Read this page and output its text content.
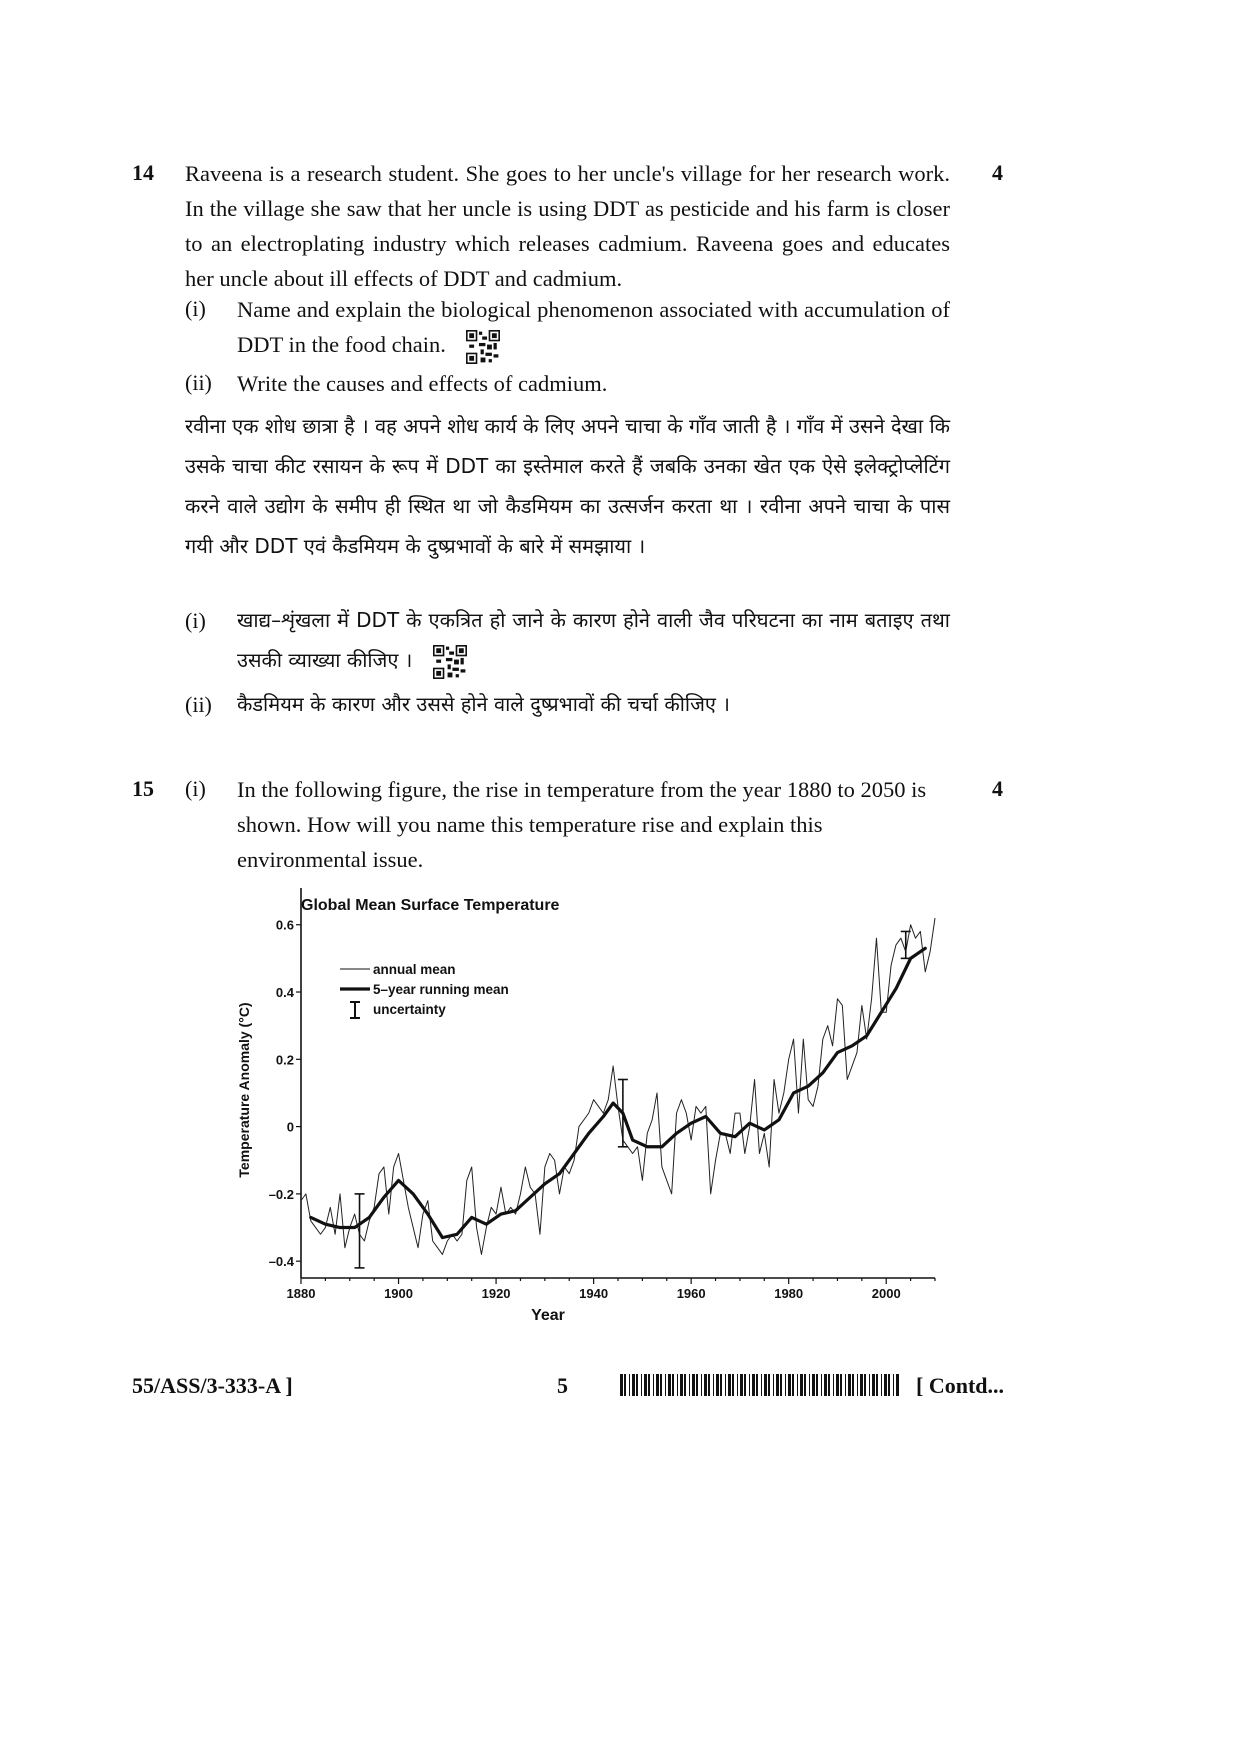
14	4
Raveena is a research student. She goes to her uncle's village for her research work. In the village she saw that her uncle is using DDT as pesticide and his farm is closer to an electroplating industry which releases cadmium. Raveena goes and educates her uncle about ill effects of DDT and cadmium.
(i) Name and explain the biological phenomenon associated with accumulation of DDT in the food chain.
(ii) Write the causes and effects of cadmium.
रवीना एक शोध छात्रा है । वह अपने शोध कार्य के लिए अपने चाचा के गाँव जाती है । गाँव में उसने देखा कि उसके चाचा कीट रसायन के रूप में DDT का इस्तेमाल करते हैं जबकि उनका खेत एक ऐसे इलेक्ट्रोप्लेटिंग करने वाले उद्योग के समीप ही स्थित था जो कैडमियम का उत्सर्जन करता था । रवीना अपने चाचा के पास गयी और DDT एवं कैडमियम के दुष्प्रभावों के बारे में समझाया ।
(i) खाद्य–शृंखला में DDT के एकत्रित हो जाने के कारण होने वाली जैव परिघटना का नाम बताइए तथा उसकी व्याख्या कीजिए ।
(ii) कैडमियम के कारण और उससे होने वाले दुष्प्रभावों की चर्चा कीजिए ।
15 (i) In the following figure, the rise in temperature from the year 1880 to 2050 is shown. How will you name this temperature rise and explain this environmental issue.
4
Global Mean Surface Temperature
Temperature Anomaly (°C)
Year
annual mean
5–year running mean
uncertainty
0.6
0.4
0.2
0
–0.2
–0.4
1880	1900	1920	1940	1960	1980	2000
55/ASS/3-333-A ]	5	[ Contd...
